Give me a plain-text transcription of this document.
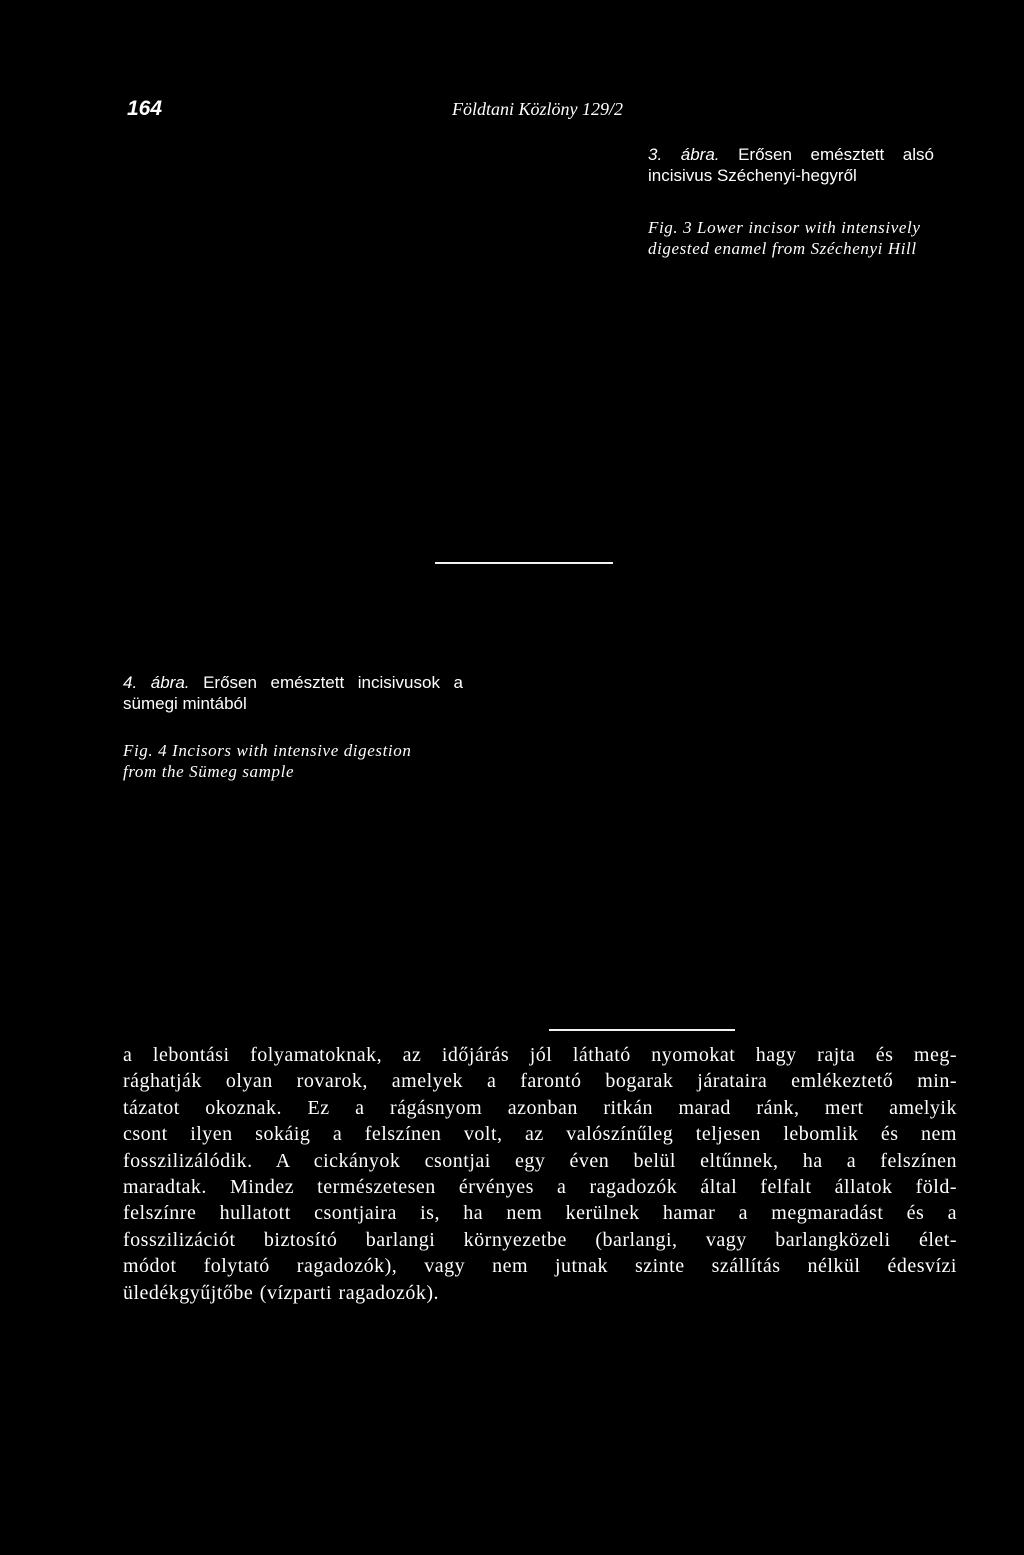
164	Földtani Közlöny 129/2
3. ábra. Erősen emésztett alsó incisivus Széchenyi-hegyről
Fig. 3 Lower incisor with intensively digested enamel from Széchenyi Hill
4. ábra. Erősen emésztett incisivusok a sümegi mintából
Fig. 4 Incisors with intensive digestion from the Sümeg sample
a lebontási folyamatoknak, az időjárás jól látható nyomokat hagy rajta és meg-
rághatják olyan rovarok, amelyek a farontó bogarak járataira emlékeztető min-
tázatot okoznak. Ez a rágásnyom azonban ritkán marad ránk, mert amelyik
csont ilyen sokáig a felszínen volt, az valószínűleg teljesen lebomlik és nem
fosszilizálódik. A cickányok csontjai egy éven belül eltűnnek, ha a felszínen
maradtak. Mindez természetesen érvényes a ragadozók által felfalt állatok föld-
felszínre hullatott csontjaira is, ha nem kerülnek hamar a megmaradást és a
fosszilizációt biztosító barlangi környezetbe (barlangi, vagy barlangközeli élet-
módot folytató ragadozók), vagy nem jutnak szinte szállítás nélkül édesvízi
üledékgyűjtőbe (vízparti ragadozók).
